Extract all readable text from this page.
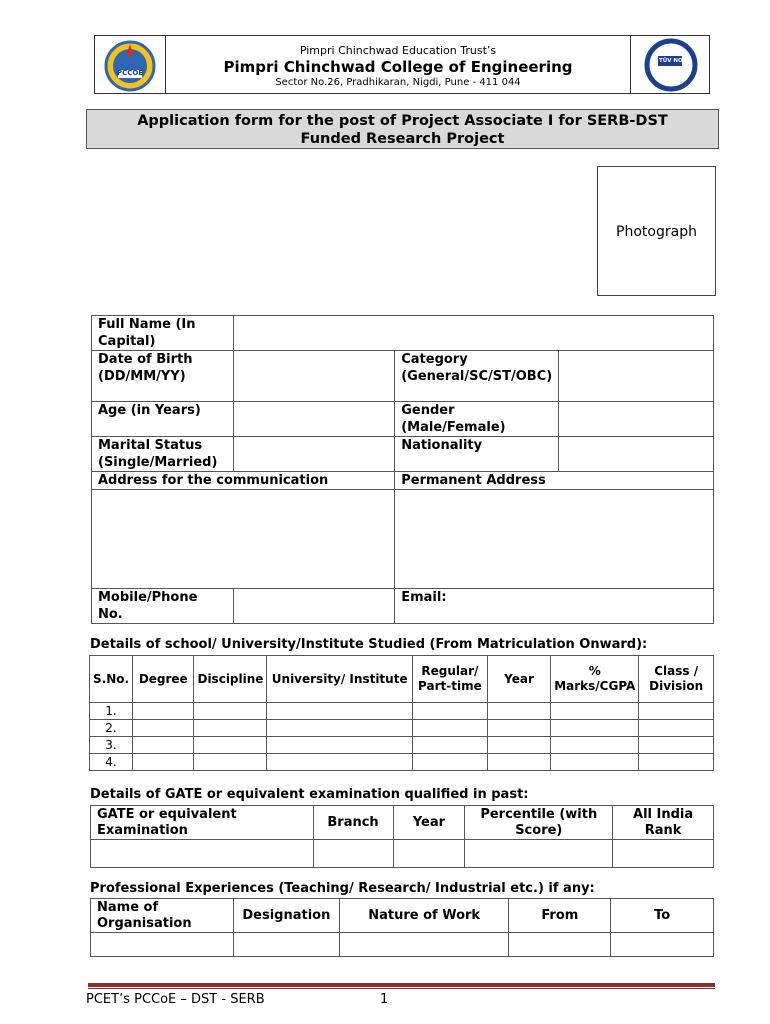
PCCOE
Pimpri Chinchwad Education Trust’s
Pimpri Chinchwad College of Engineering
Sector No.26, Pradhikaran, Nigdi, Pune - 411 044
TÜV NORD
Application form for the post of Project Associate I for SERB-DST
Funded Research Project
Photograph
Full Name (In Capital)			
Date of Birth (DD/MM/YY)		Category (General/SC/ST/OBC)	
Age (in Years)		Gender (Male/Female)	
Marital Status (Single/Married)		Nationality	
Address for the communication		Permanent Address	

Mobile/Phone No.		Email:	
Details of school/ University/Institute Studied (From Matriculation Onward):
S.No.	Degree	Discipline	University/ Institute	Regular/ Part-time	Year	% Marks/CGPA	Class / Division
1.							
2.							
3.							
4.							
Details of GATE or equivalent examination qualified in past:
GATE or equivalent Examination	Branch	Year	Percentile (with Score)	All India Rank

Professional Experiences (Teaching/ Research/ Industrial etc.) if any:
Name of Organisation	Designation	Nature of Work	From	To

PCET’s PCCoE – DST - SERB	1
